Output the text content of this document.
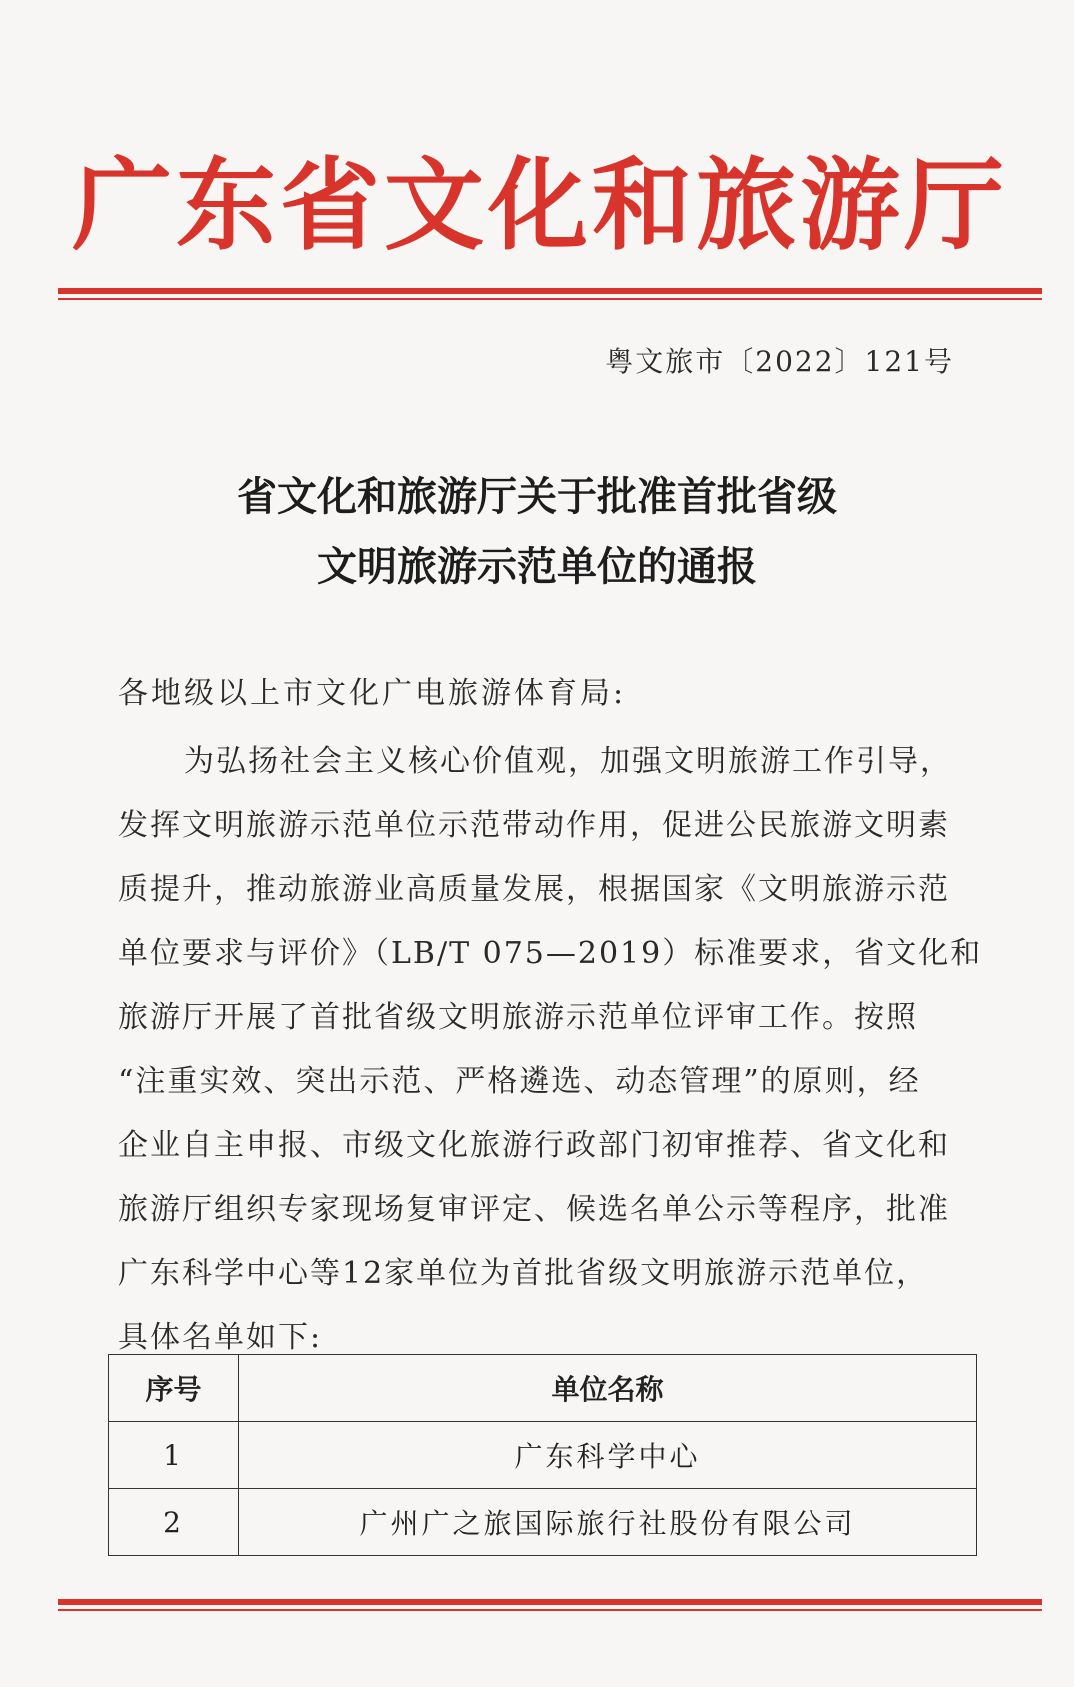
广东省文化和旅游厅
粤文旅市〔2022〕121号
省文化和旅游厅关于批准首批省级
文明旅游示范单位的通报
各地级以上市文化广电旅游体育局:
为弘扬社会主义核心价值观，加强文明旅游工作引导，
发挥文明旅游示范单位示范带动作用，促进公民旅游文明素
质提升，推动旅游业高质量发展，根据国家《文明旅游示范
单位要求与评价》（LB/T 075—2019）标准要求，省文化和
旅游厅开展了首批省级文明旅游示范单位评审工作。按照
“注重实效、突出示范、严格遴选、动态管理”的原则，经
企业自主申报、市级文化旅游行政部门初审推荐、省文化和
旅游厅组织专家现场复审评定、候选名单公示等程序，批准
广东科学中心等12家单位为首批省级文明旅游示范单位，
具体名单如下:
序号	单位名称
1	广东科学中心
2	广州广之旅国际旅行社股份有限公司
